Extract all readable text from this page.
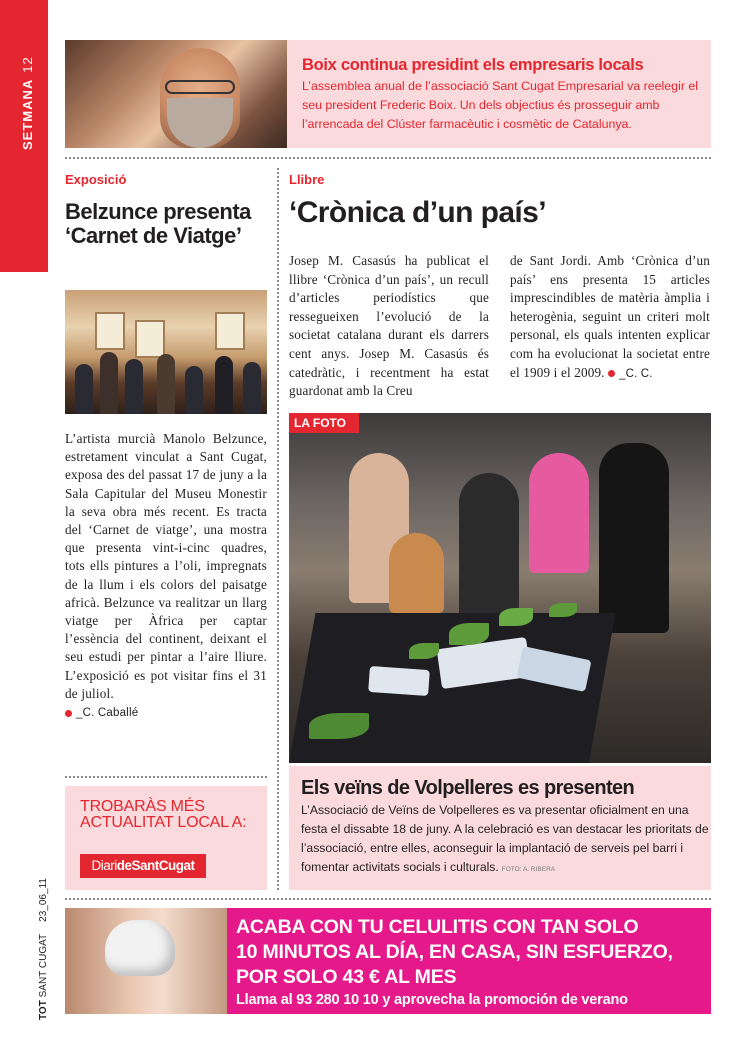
SETMANA12
TOT SANT CUGAT23_06_11
Boix continua presidint els empresaris locals
L’assemblea anual de l’associació Sant Cugat Empresarial va reelegir el seu president Frederic Boix. Un dels objectius és prosseguir amb l’arrencada del Clúster farmacèutic i cosmètic de Catalunya.
Exposició
Belzunce presenta ‘Carnet de Viatge’
L’artista murcià Manolo Belzunce, estretament vinculat a Sant Cugat, exposa des del passat 17 de juny a la Sala Capitular del Museu Monestir la seva obra més recent. Es tracta del ‘Carnet de viatge’, una mostra que presenta vint-i-cinc quadres, tots ells pintures a l’oli, impregnats de la llum i els colors del paisatge africà. Belzunce va realitzar un llarg viatge per Àfrica per captar l’essència del continent, deixant el seu estudi per pintar a l’aire lliure. L’exposició es pot visitar fins el 31 de juliol.
_C. Caballé
TROBARÀS MÉS ACTUALITAT LOCAL A:
DiarideSantCugat
Llibre
‘Crònica d’un país’
Josep M. Casasús ha publicat el llibre ‘Crònica d’un país’, un recull d’articles periodístics que ressegueixen l’evolució de la societat catalana durant els darrers cent anys. Josep M. Casasús és catedràtic, i recentment ha estat guardonat amb la Creu
de Sant Jordi. Amb ‘Crònica d’un país’ ens presenta 15 articles imprescindibles de matèria àmplia i heterogènia, seguint un criteri molt personal, els quals intenten explicar com ha evolucionat la societat entre el 1909 i el 2009. _C. C.
LA FOTO
Els veïns de Volpelleres es presenten
L’Associació de Veïns de Volpelleres es va presentar oficialment en una festa el dissabte 18 de juny. A la celebració es van destacar les prioritats de l’associació, entre elles, aconseguir la implantació de serveis pel barri i fomentar activitats socials i culturals. FOTO: A. RIBERA
ACABA CON TU CELULITIS CON TAN SOLO
10 MINUTOS AL DÍA, EN CASA, SIN ESFUERZO,
POR SOLO 43 € AL MES
Llama al 93 280 10 10 y aprovecha la promoción de verano
